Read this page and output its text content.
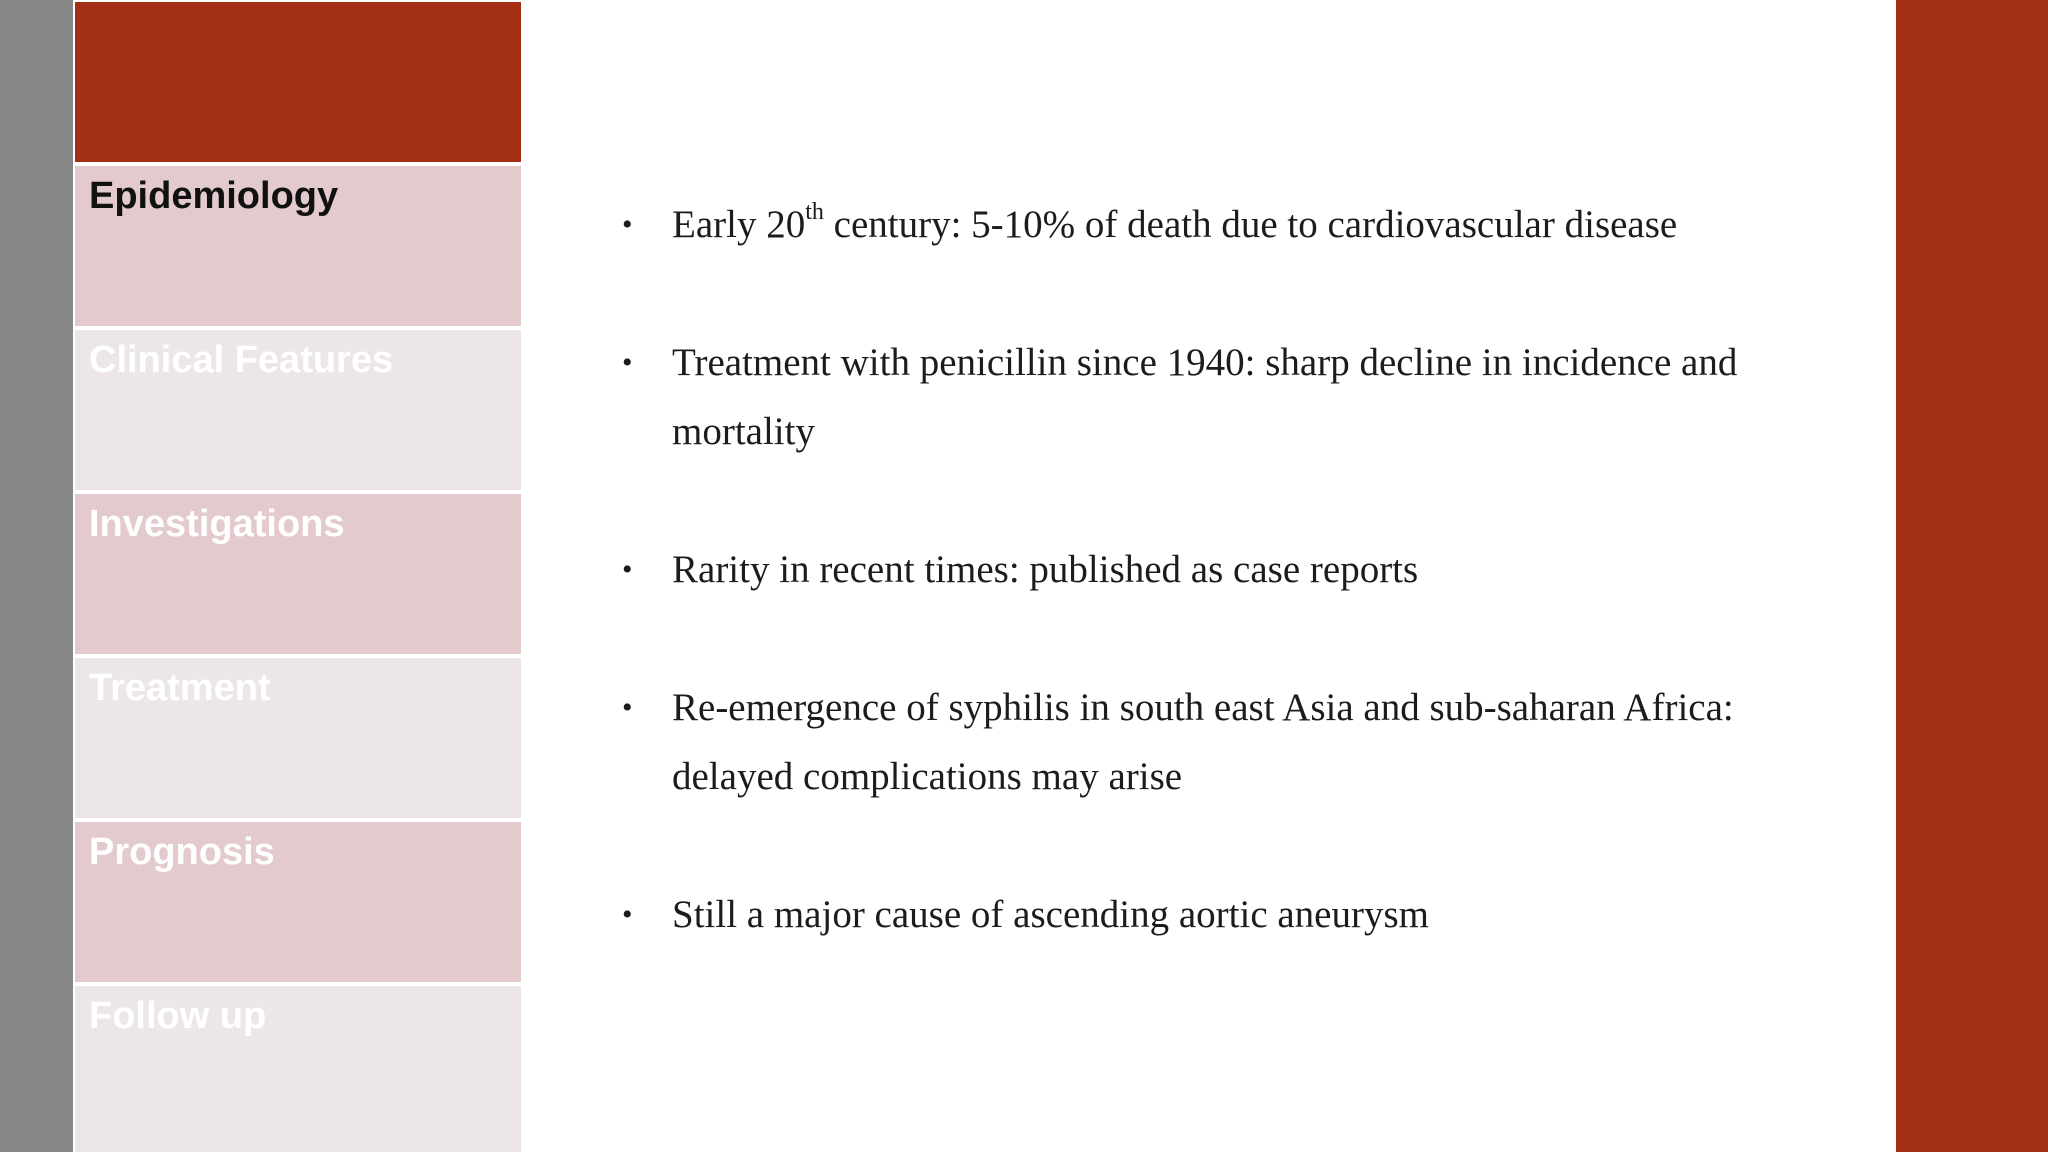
Epidemiology
Clinical Features
Investigations
Treatment
Prognosis
Follow up
• Early 20th century: 5-10% of death due to cardiovascular disease
• Treatment with penicillin since 1940: sharp decline in incidence and mortality
• Rarity in recent times: published as case reports
• Re-emergence of syphilis in south east Asia and sub-saharan Africa: delayed complications may arise
• Still a major cause of ascending aortic aneurysm
